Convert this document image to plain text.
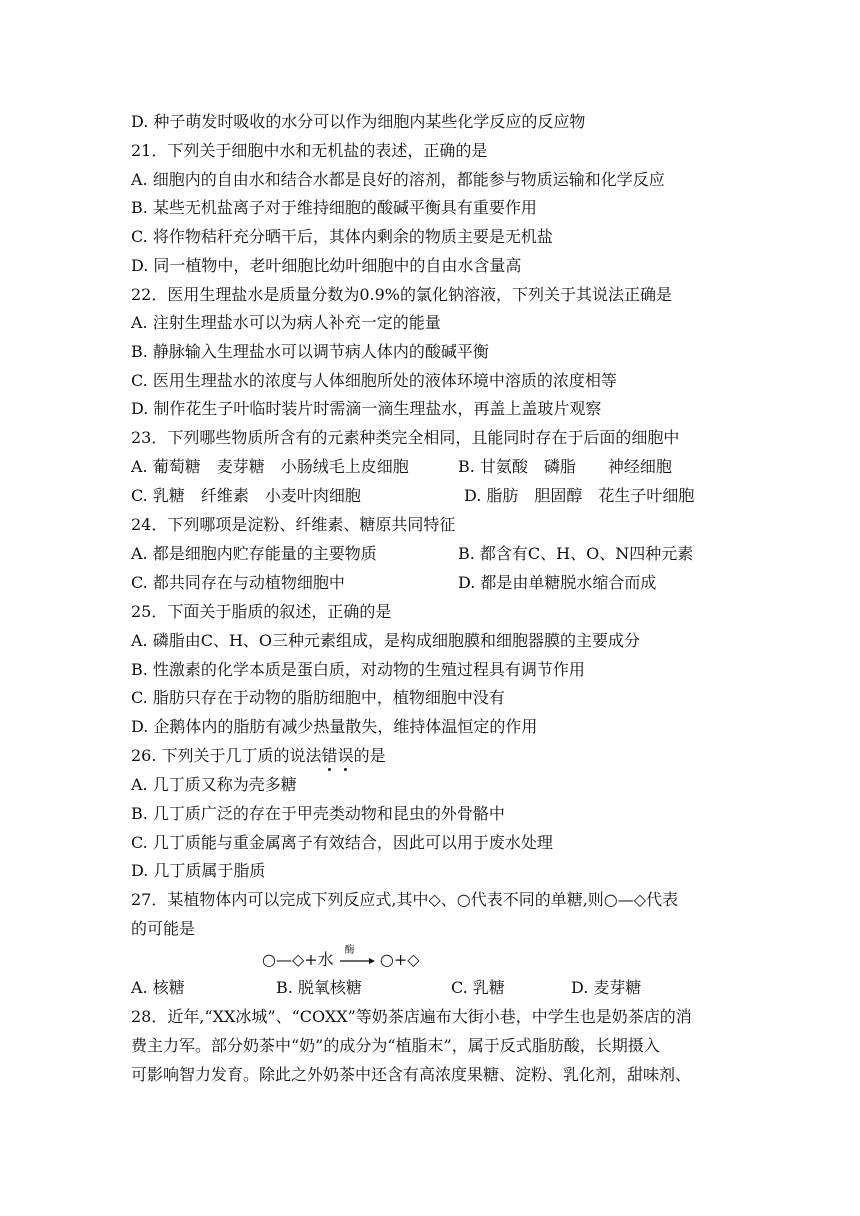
D. 种子萌发时吸收的水分可以作为细胞内某些化学反应的反应物
21．下列关于细胞中水和无机盐的表述，正确的是
A. 细胞内的自由水和结合水都是良好的溶剂，都能参与物质运输和化学反应
B. 某些无机盐离子对于维持细胞的酸碱平衡具有重要作用
C. 将作物秸秆充分晒干后，其体内剩余的物质主要是无机盐
D. 同一植物中，老叶细胞比幼叶细胞中的自由水含量高
22．医用生理盐水是质量分数为0.9%的氯化钠溶液，下列关于其说法正确是
A. 注射生理盐水可以为病人补充一定的能量
B. 静脉输入生理盐水可以调节病人体内的酸碱平衡
C. 医用生理盐水的浓度与人体细胞所处的液体环境中溶质的浓度相等
D. 制作花生子叶临时装片时需滴一滴生理盐水，再盖上盖玻片观察
23．下列哪些物质所含有的元素种类完全相同，且能同时存在于后面的细胞中
A. 葡萄糖　麦芽糖　小肠绒毛上皮细胞	B. 甘氨酸　磷脂　　神经细胞
C. 乳糖　纤维素　小麦叶肉细胞	D. 脂肪　胆固醇　花生子叶细胞
24．下列哪项是淀粉、纤维素、糖原共同特征
A. 都是细胞内贮存能量的主要物质	B. 都含有C、H、O、N四种元素
C. 都共同存在与动植物细胞中	D. 都是由单糖脱水缩合而成
25．下面关于脂质的叙述，正确的是
A. 磷脂由C、H、O三种元素组成，是构成细胞膜和细胞器膜的主要成分
B. 性激素的化学本质是蛋白质，对动物的生殖过程具有调节作用
C. 脂肪只存在于动物的脂肪细胞中，植物细胞中没有
D. 企鹅体内的脂肪有减少热量散失，维持体温恒定的作用
26. 下列关于几丁质的说法错误的是
A. 几丁质又称为壳多糖
B. 几丁质广泛的存在于甲壳类动物和昆虫的外骨骼中
C. 几丁质能与重金属离子有效结合，因此可以用于废水处理
D. 几丁质属于脂质
27．某植物体内可以完成下列反应式,其中◇、○代表不同的单糖,则○—◇代表
的可能是
○—◇+水 酶 ○+◇
A. 核糖	B. 脱氧核糖	C. 乳糖	D. 麦芽糖
28．近年,“XX冰城”、“COXX”等奶茶店遍布大街小巷，中学生也是奶茶店的消
费主力军。部分奶茶中“奶”的成分为“植脂末”，属于反式脂肪酸，长期摄入
可影响智力发育。除此之外奶茶中还含有高浓度果糖、淀粉、乳化剂，甜味剂、
